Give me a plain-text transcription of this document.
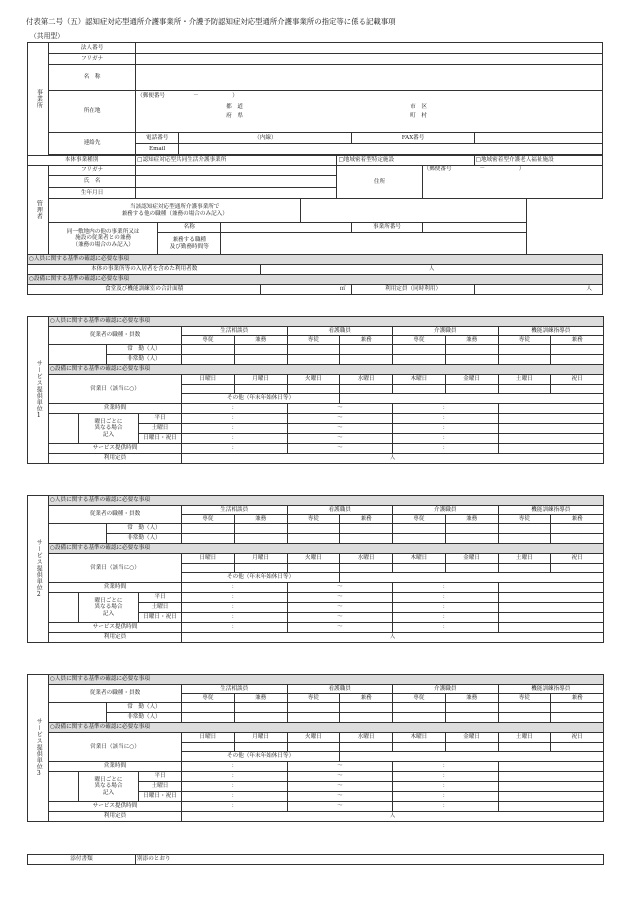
付表第二号（五）認知症対応型通所介護事業所・介護予防認知症対応型通所介護事業所の指定等に係る記載事項
（共用型）
事業所	法人番号										
	フリガナ										
	名　称										
	所在地	（郵便番号　　　　　－　　　　　　）
都　道
府　県
市　区
町　村									

	連絡先	電話番号		（内線）					FAX番号		
		Email									

本体事業種別		□認知症対応型共同生活介護事業所						□地域密着型特定施設			□地域密着型介護老人福祉施設
管理者	フリガナ							住所		（郵便番号　　　　　－　　　　　　）	
	氏　名										
	生年月日										

	当該認知症対応型通所介護事業所で
兼務する他の職種（兼務の場合のみ記入）										

	同一敷地内の他の事業所又は
施設の従業者との兼務
（兼務の場合のみ記入）		名称						事業所番号		

			兼務する職種
及び勤務時間等								

○人員に関する基準の確認に必要な事項											
本体の事業所等の入居者を含めた利用者数						人					
○設備に関する基準の確認に必要な事項											
食堂及び機能訓練室の合計面積						㎡			利用定員（同時利用）		人
サービス提供単位1	○人員に関する基準の確認に必要な事項											
	従業者の職種・員数				生活相談員		看護職員		介護職員		機能訓練指導員	
					専従	兼務	専従	兼務	専従	兼務	専従	兼務
			常　勤（人）									
			非常勤（人）									
	○設備に関する基準の確認に必要な事項											
	営業日（該当に○）				日曜日	月曜日	火曜日	水曜日	木曜日	金曜日	土曜日	祝日

					その他（年末年始休日等）							
	営業時間				：		～		：			

		曜日ごとに
異なる場合
記入		平日	：		～		：			
				土曜日	：		～		：			
				日曜日・祝日	：		～		：			
	サービス提供時間				：		～		：			
	利用定員				人							
サービス提供単位2	○人員に関する基準の確認に必要な事項											
	従業者の職種・員数				生活相談員		看護職員		介護職員		機能訓練指導員	
					専従	兼務	専従	兼務	専従	兼務	専従	兼務
			常　勤（人）									
			非常勤（人）									
	○設備に関する基準の確認に必要な事項											
	営業日（該当に○）				日曜日	月曜日	火曜日	水曜日	木曜日	金曜日	土曜日	祝日

					その他（年末年始休日等）							
	営業時間				：		～		：			

		曜日ごとに
異なる場合
記入		平日	：		～		：			
				土曜日	：		～		：			
				日曜日・祝日	：		～		：			
	サービス提供時間				：		～		：			
	利用定員				人							
サービス提供単位3	○人員に関する基準の確認に必要な事項											
	従業者の職種・員数				生活相談員		看護職員		介護職員		機能訓練指導員	
					専従	兼務	専従	兼務	専従	兼務	専従	兼務
			常　勤（人）									
			非常勤（人）									
	○設備に関する基準の確認に必要な事項											
	営業日（該当に○）				日曜日	月曜日	火曜日	水曜日	木曜日	金曜日	土曜日	祝日

					その他（年末年始休日等）							
	営業時間				：		～		：			

		曜日ごとに
異なる場合
記入		平日	：		～		：			
				土曜日	：		～		：			
				日曜日・祝日	：		～		：			
	サービス提供時間				：		～		：			
	利用定員				人							
添付書類	別添のとおり
